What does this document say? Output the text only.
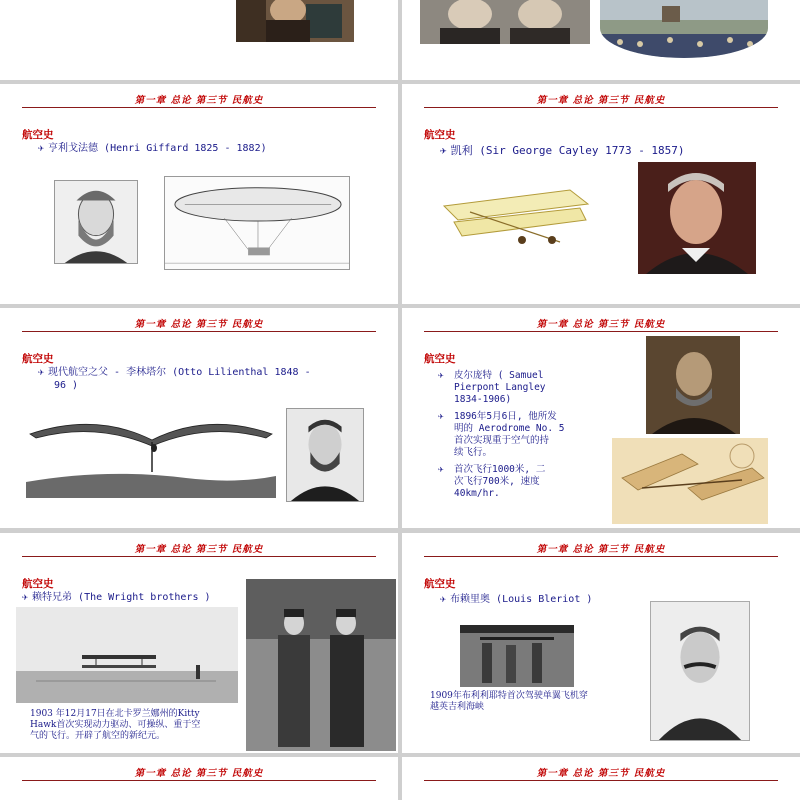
第一章 总论 第三节 民航史
航空史
✈ 亨利戈法德 (Henri Giffard 1825 - 1882)
第一章 总论 第三节 民航史
航空史
✈ 凯利 (Sir George Cayley 1773 - 1857)
第一章 总论 第三节 民航史
航空史
✈ 现代航空之父 - 李林塔尔 (Otto Lilienthal 1848 -
96 )
第一章 总论 第三节 民航史
航空史
✈ 皮尔庞特 ( Samuel
Pierpont Langley
1834-1906)
✈ 1896年5月6日, 他所发
明的 Aerodrome No. 5
首次实现重于空气的持
续飞行。
✈ 首次飞行1000米, 二
次飞行700米, 速度
40km/hr.
第一章 总论 第三节 民航史
航空史
✈ 赖特兄弟 (The Wright brothers )
1903 年12月17日在北卡罗兰娜州的Kitty
Hawk首次实现动力驱动、可操纵、重于空
气的飞行。开辟了航空的新纪元。
第一章 总论 第三节 民航史
航空史
✈ 布赖里奥 (Louis Bleriot )
1909年布利利耶特首次驾驶单翼飞机穿
越英吉利海峡
第一章 总论 第三节 民航史	第一章 总论 第三节 民航史
